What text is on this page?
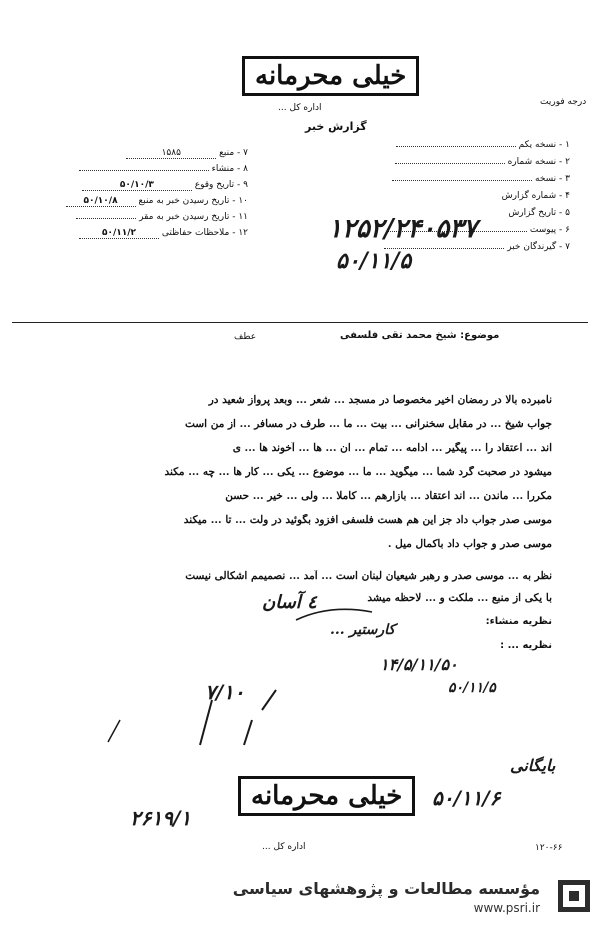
خیلی محرمانه
اداره کل ...
گزارش خبر
درجه فوریت
۷ - منبع ۱۵۸۵
۸ - منشاء
۹ - تاریخ وقوع ۵۰/۱۰/۳
۱۰ - تاریخ رسیدن خبر به منبع ۵۰/۱۰/۸
۱۱ - تاریخ رسیدن خبر به مقر
۱۲ - ملاحظات حفاظتی ۵۰/۱۱/۲
۱ - نسخه یکم
۲ - نسخه شماره
۳ - نسخه
۴ - شماره گزارش
۵ - تاریخ گزارش
۶ - پیوست
۷ - گیرندگان خبر
۱۲۵۲/۲۴۰۵۳۷
۵۰/۱۱/۵
موضوع: شیخ محمد تقی فلسفی
عطف
نامبرده بالا در رمضان اخیر مخصوصا در مسجد ... شعر ... وبعد پرواز شعید در
جواب شیخ ... در مقابل سخنرانی ... بیت ... ما ... طرف در مسافر ... از من است
اند ... اعتقاد را ... پیگیر ... ادامه ... تمام ... ان ... ها ... آخوند ها ... ی
میشود در صحبت گرد شما ... میگوید ... ما ... موضوع ... یکی ... کار ها ... چه ... مکند
مکررا ... ماندن ... اند اعتقاد ... بازارهم ... کاملا ... ولی ... خیر ... حسن
موسی صدر جواب داد جز این هم هست فلسفی افزود بگوئید در ولت ... تا ... میکند
موسی صدر و جواب داد باکمال میل .
نظر به ... موسی صدر و رهبر شیعیان لبنان است ... آمد ... نصمیمم اشکالی نیست
با یکی از منبع ... ملکت و ... لاحظه میشد
نظریه منشاء:
نظریه ... :
٤ آسان
... کارستیر
۱۴/۵/۱۱/۵۰
۵۰/۱۱/۵
۷/۱۰
بایگانی
۵۰/۱۱/۶
۲۶۱۹/۱
خیلی محرمانه
اداره کل ...	۱۲۰-۶۶
مؤسسه مطالعات و پژوهشهای سیاسی
www.psri.ir
